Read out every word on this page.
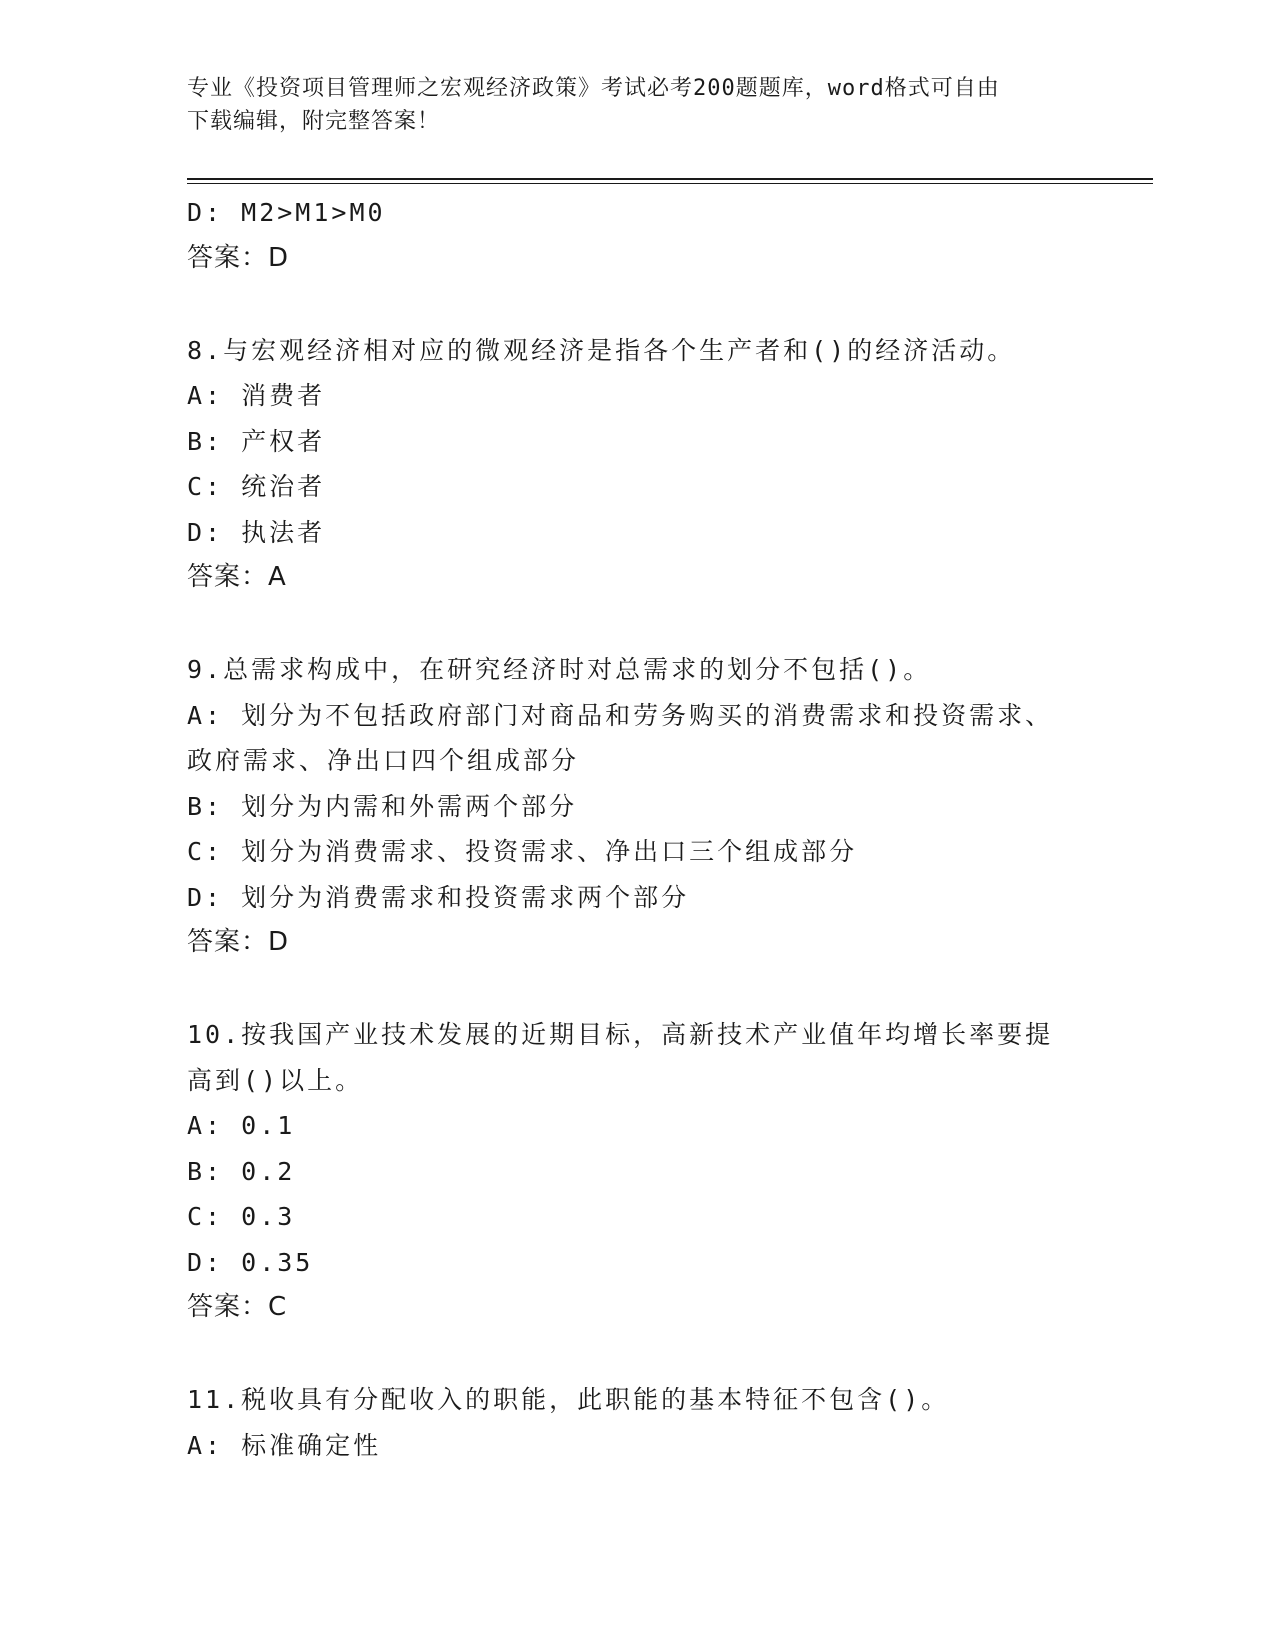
专业《投资项目管理师之宏观经济政策》考试必考200题题库，word格式可自由
下载编辑，附完整答案！
D: M2>M1>M0
答案：D
8.与宏观经济相对应的微观经济是指各个生产者和()的经济活动。
A: 消费者
B: 产权者
C: 统治者
D: 执法者
答案：A
9.总需求构成中，在研究经济时对总需求的划分不包括()。
A: 划分为不包括政府部门对商品和劳务购买的消费需求和投资需求、
政府需求、净出口四个组成部分
B: 划分为内需和外需两个部分
C: 划分为消费需求、投资需求、净出口三个组成部分
D: 划分为消费需求和投资需求两个部分
答案：D
10.按我国产业技术发展的近期目标，高新技术产业值年均增长率要提
高到()以上。
A: 0.1
B: 0.2
C: 0.3
D: 0.35
答案：C
11.税收具有分配收入的职能，此职能的基本特征不包含()。
A: 标准确定性
